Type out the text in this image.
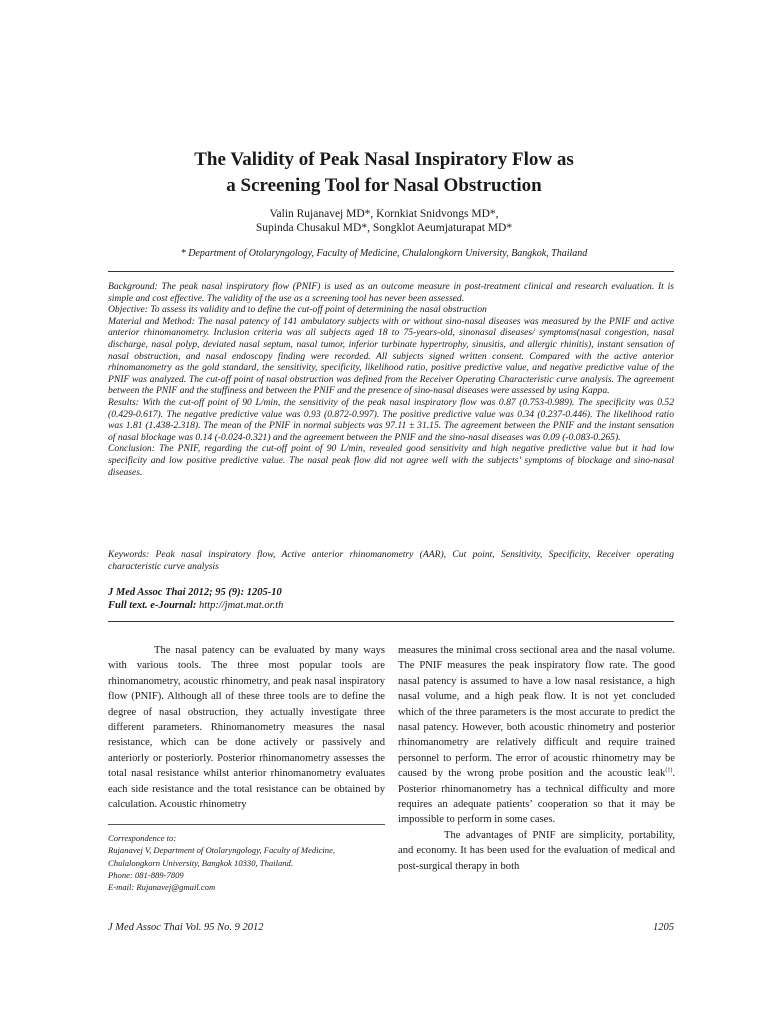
The Validity of Peak Nasal Inspiratory Flow as
a Screening Tool for Nasal Obstruction
Valin Rujanavej MD*, Kornkiat Snidvongs MD*,
Supinda Chusakul MD*, Songklot Aeumjaturapat MD*
* Department of Otolaryngology, Faculty of Medicine, Chulalongkorn University, Bangkok, Thailand

Background: The peak nasal inspiratory flow (PNIF) is used as an outcome measure in post-treatment clinical and research evaluation. It is simple and cost effective. The validity of the use as a screening tool has never been assessed.

Objective: To assess its validity and to define the cut-off point of determining the nasal obstruction

Material and Method: The nasal patency of 141 ambulatory subjects with or without sino-nasal diseases was measured by the PNIF and active anterior rhinomanometry. Inclusion criteria was all subjects aged 18 to 75-years-old, sinonasal diseases/ symptoms(nasal congestion, nasal discharge, nasal polyp, deviated nasal septum, nasal tumor, inferior turbinate hypertrophy, sinusitis, and allergic rhinitis), instant sensation of nasal obstruction, and nasal endoscopy finding were recorded. All subjects signed written consent. Compared with the active anterior rhinomanometry as the gold standard, the sensitivity, specificity, likelihood ratio, positive predictive value, and negative predictive value of the PNIF was analyzed. The cut-off point of nasal obstruction was defined from the Receiver Operating Characteristic curve analysis. The agreement between the PNIF and the stuffiness and between the PNIF and the presence of sino-nasal diseases were assessed by using Kappa.

Results: With the cut-off point of 90 L/min, the sensitivity of the peak nasal inspiratory flow was 0.87 (0.753-0.989). The specificity was 0.52 (0.429-0.617). The negative predictive value was 0.93 (0.872-0.997). The positive predictive value was 0.34 (0.237-0.446). The likelihood ratio was 1.81 (1.438-2.318). The mean of the PNIF in normal subjects was 97.11 ± 31.15. The agreement between the PNIF and the instant sensation of nasal blockage was 0.14 (-0.024-0.321) and the agreement between the PNIF and the sino-nasal diseases was 0.09 (-0.083-0.265).

Conclusion: The PNIF, regarding the cut-off point of 90 L/min, revealed good sensitivity and high negative predictive value but it had low specificity and low positive predictive value. The nasal peak flow did not agree well with the subjects’ symptoms of blockage and sino-nasal diseases.

Keywords: Peak nasal inspiratory flow, Active anterior rhinomanometry (AAR), Cut point, Sensitivity, Specificity, Receiver operating characteristic curve analysis

J Med Assoc Thai 2012; 95 (9): 1205-10

Full text. e-Journal: http://jmat.mat.or.th

The nasal patency can be evaluated by many ways with various tools. The three most popular tools are rhinomanometry, acoustic rhinometry, and peak nasal inspiratory flow (PNIF). Although all of these three tools are to define the degree of nasal obstruction, they actually investigate three different parameters. Rhinomanometry measures the nasal resistance, which can be done actively or passively and anteriorly or posteriorly. Posterior rhinomanometry assesses the total nasal resistance whilst anterior rhinomanometry evaluates each side resistance and the total resistance can be obtained by calculation. Acoustic rhinometry

measures the minimal cross sectional area and the nasal volume. The PNIF measures the peak inspiratory flow rate. The good nasal patency is assumed to have a low nasal resistance, a high nasal volume, and a high peak flow. It is not yet concluded which of the three parameters is the most accurate to predict the nasal patency. However, both acoustic rhinometry and posterior rhinomanometry are relatively difficult and require trained personnel to perform. The error of acoustic rhinometry may be caused by the wrong probe position and the acoustic leak$^{(1)}$. Posterior rhinomanometry has a technical difficulty and more requires an adequate patients’ cooperation so that it may be impossible to perform in some cases.

The advantages of PNIF are simplicity, portability, and economy. It has been used for the evaluation of medical and post-surgical therapy in both

Correspondence to:

Rujanavej V, Department of Otolaryngology, Faculty of Medicine,

Chulalongkorn University, Bangkok 10330, Thailand.

Phone: 081-889-7809

E-mail: Rujanavej@gmail.com

J Med Assoc Thai Vol. 95 No. 9 2012	1205
